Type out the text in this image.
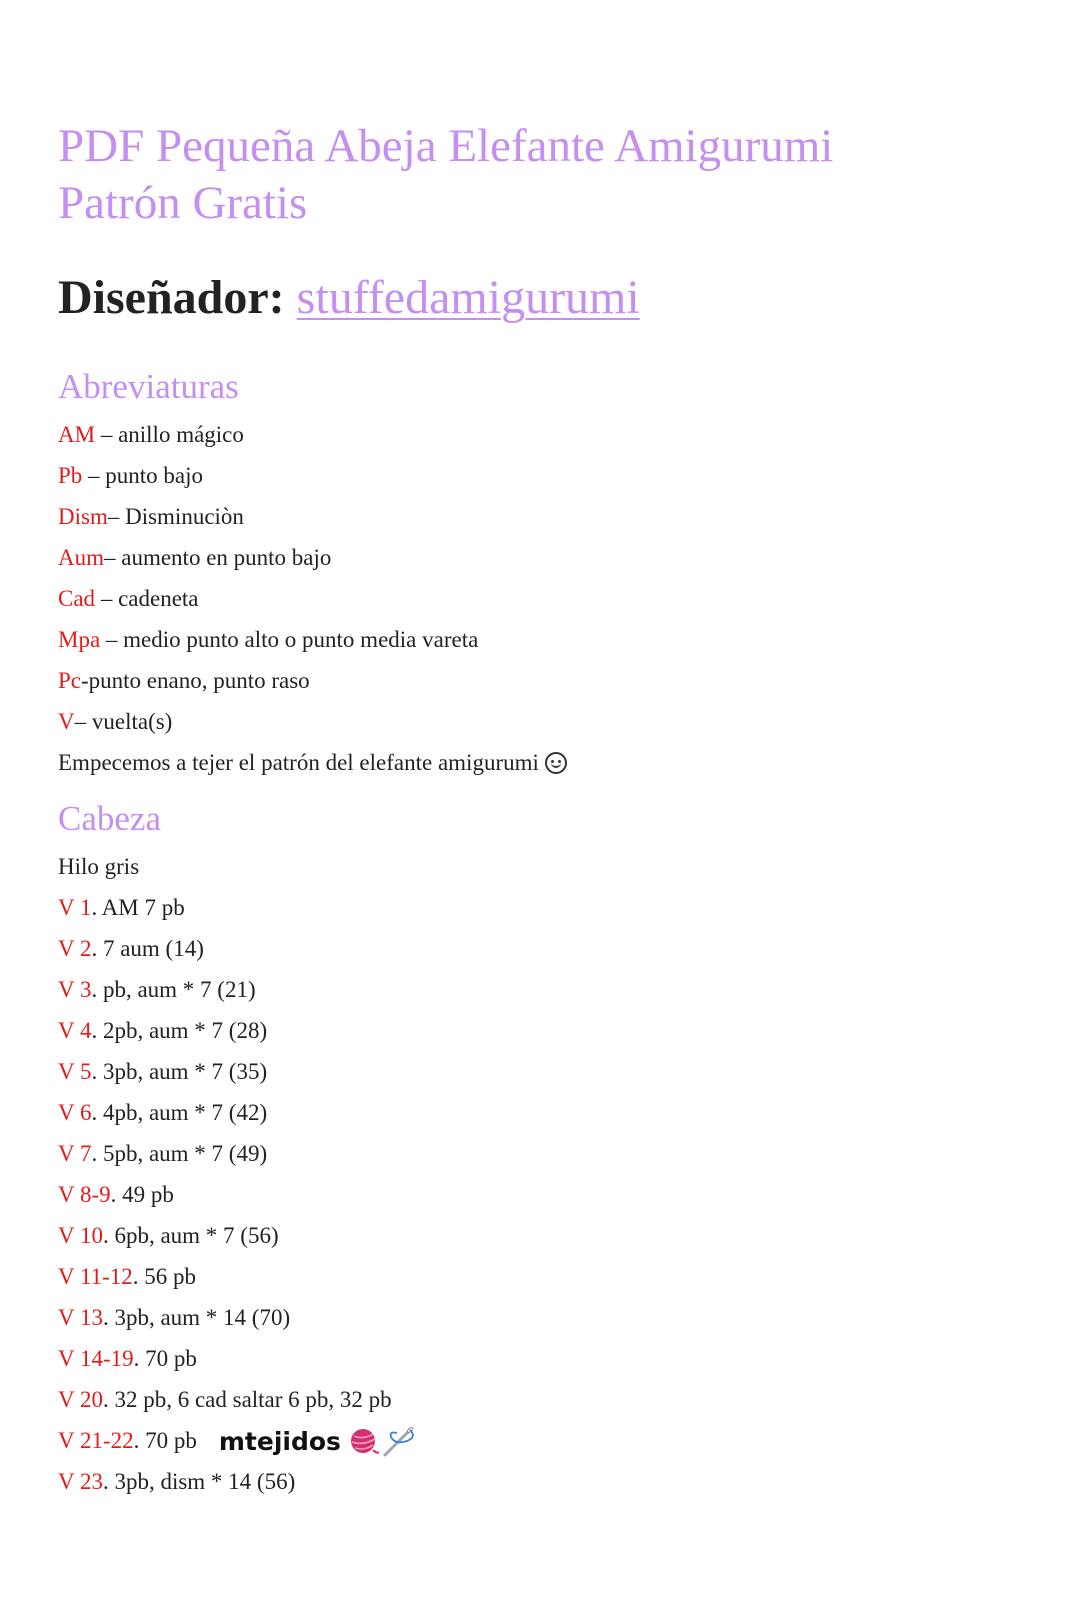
PDF Pequeña Abeja Elefante Amigurumi Patrón Gratis
Diseñador: stuffedamigurumi
Abreviaturas
AM – anillo mágico
Pb – punto bajo
Dism– Disminuciòn
Aum– aumento en punto bajo
Cad – cadeneta
Mpa – medio punto alto o punto media vareta
Pc-punto enano, punto raso
V– vuelta(s)
Empecemos a tejer el patrón del elefante amigurumi
Cabeza
Hilo gris
V 1. AM 7 pb
V 2. 7 aum (14)
V 3. pb, aum * 7 (21)
V 4. 2pb, aum * 7 (28)
V 5. 3pb, aum * 7 (35)
V 6. 4pb, aum * 7 (42)
V 7. 5pb, aum * 7 (49)
V 8-9. 49 pb
V 10. 6pb, aum * 7 (56)
V 11-12. 56 pb
V 13. 3pb, aum * 14 (70)
V 14-19. 70 pb
V 20. 32 pb, 6 cad saltar 6 pb, 32 pb
V 21-22. 70 pb mtejidos
V 23. 3pb, dism * 14 (56)
